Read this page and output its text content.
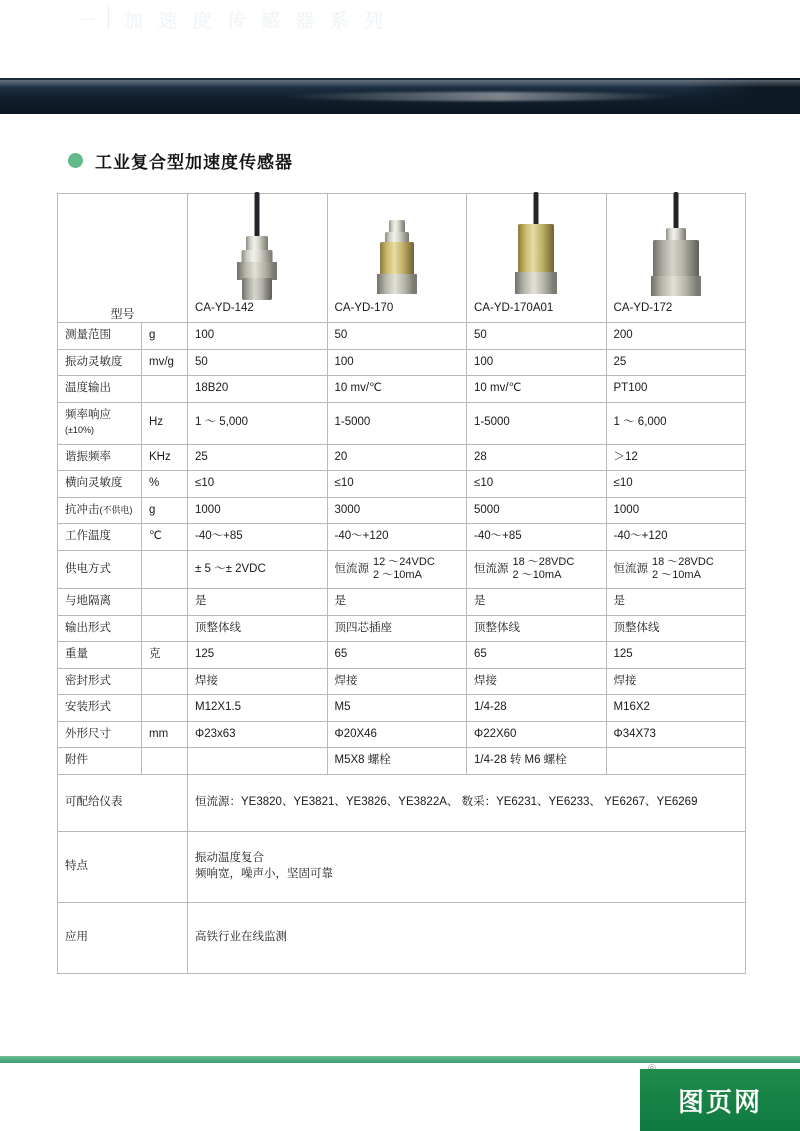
一 加 速 度 传 感 器 系 列
工业复合型加速度传感器
型号		CA-YD-142	CA-YD-170	CA-YD-170A01	CA-YD-172

测量范围	g	100	50	50	200
振动灵敏度	mv/g	50	100	100	25
温度输出		18B20	10 mv/℃	10 mv/℃	PT100
频率响应(±10%)	Hz	1 ～ 5,000	1-5000	1-5000	1 ～ 6,000
谐振频率	KHz	25	20	28	＞12
横向灵敏度	%	≤10	≤10	≤10	≤10
抗冲击(不供电)	g	1000	3000	5000	1000
工作温度	℃	-40～+85	-40～+120	-40～+85	-40～+120
供电方式		± 5 ～± 2VDC	恒流源
12 ～24VDC
2 ～10mA	恒流源
18 ～28VDC
2 ～10mA	恒流源
18 ～28VDC
2 ～10mA

与地隔离		是	是	是	是
输出形式		顶整体线	顶四芯插座	顶整体线	顶整体线
重量	克	125	65	65	125
密封形式		焊接	焊接	焊接	焊接
安装形式		M12X1.5	M5	1/4-28	M16X2
外形尺寸	mm	Φ23x63	Φ20X46	Φ22X60	Φ34X73
附件			M5X8 螺栓	1/4-28 转 M6 螺栓	
可配给仪表		恒流源：YE3820、YE3821、YE3826、YE3822A、 数采：YE6231、YE6233、 YE6267、YE6269			
特点		振动温度复合
频响宽，噪声小，坚固可靠			

应用		高铁行业在线监测			
图页网
